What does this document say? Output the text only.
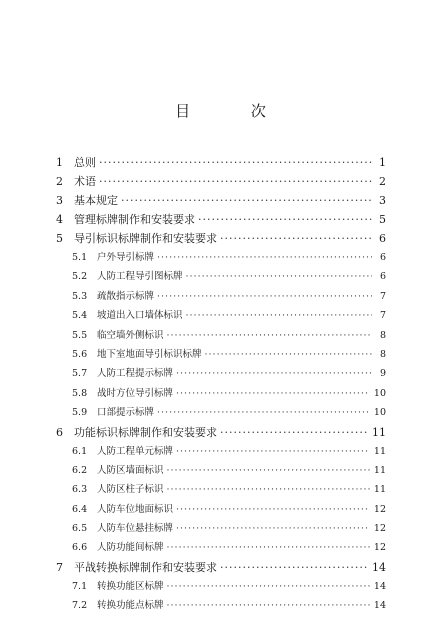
目 次
1	总则 ·····	1
2	术语 ·····	2
3	基本规定 ·····	3
4	管理标牌制作和安装要求 ·····	5
5	导引标识标牌制作和安装要求 ·····	6
5.1	户外导引标牌 ·····	6
5.2	人防工程导引图标牌 ·····	6
5.3	疏散指示标牌 ·····	7
5.4	坡道出入口墙体标识 ·····	7
5.5	临空墙外侧标识 ·····	8
5.6	地下室地面导引标识标牌 ·····	8
5.7	人防工程提示标牌 ·····	9
5.8	战时方位导引标牌 ·····	10
5.9	口部提示标牌 ·····	10
6	功能标识标牌制作和安装要求 ·····	11
6.1	人防工程单元标牌 ·····	11
6.2	人防区墙面标识 ·····	11
6.3	人防区柱子标识 ·····	11
6.4	人防车位地面标识 ·····	12
6.5	人防车位悬挂标牌 ·····	12
6.6	人防功能间标牌 ·····	12
7	平战转换标牌制作和安装要求 ·····	14
7.1	转换功能区标牌 ·····	14
7.2	转换功能点标牌 ·····	14
